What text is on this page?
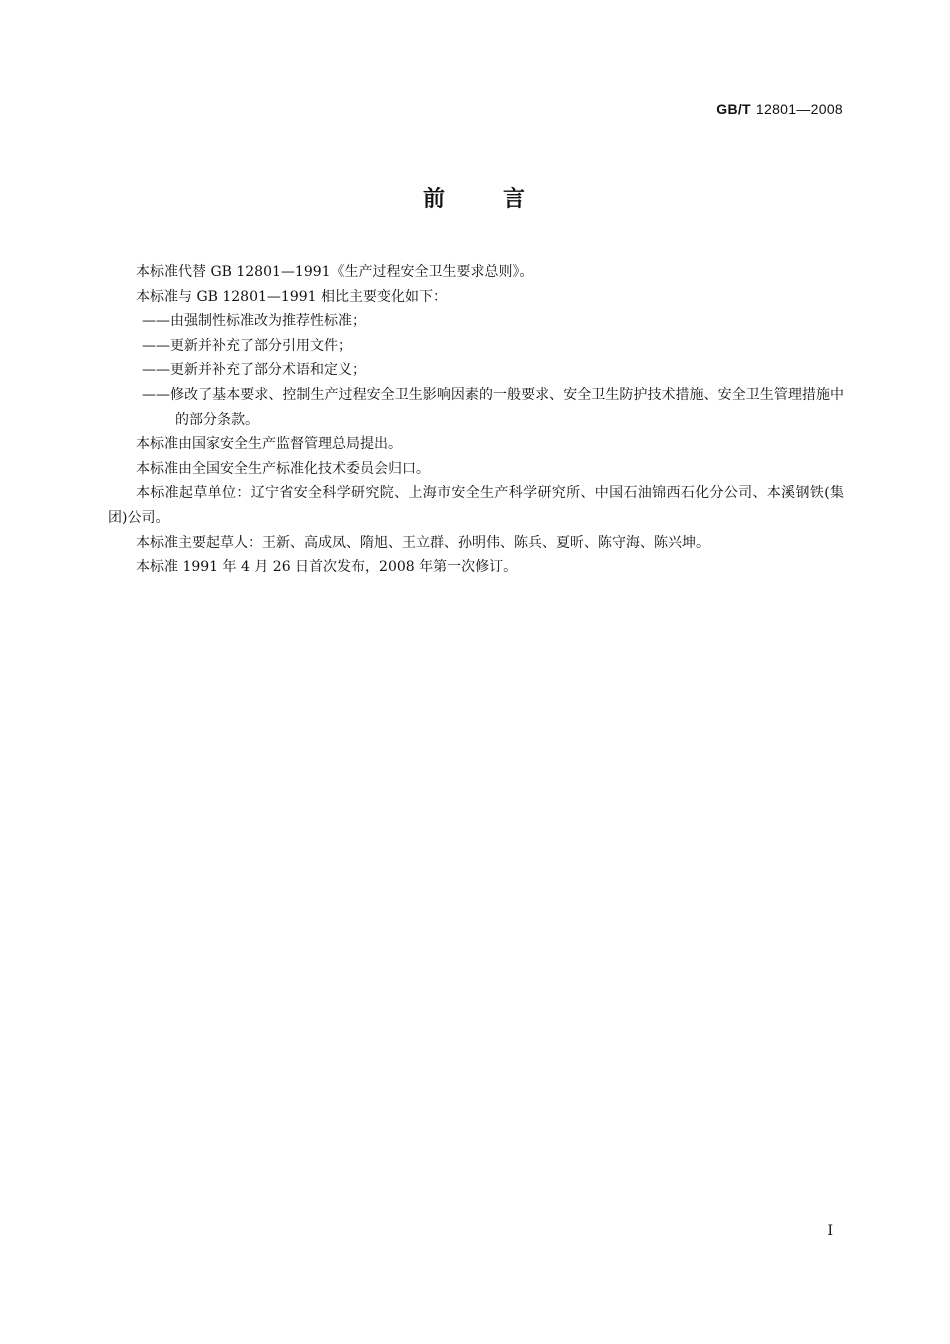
GB/T 12801—2008
前	言

本标准代替 GB 12801—1991《生产过程安全卫生要求总则》。

本标准与 GB 12801—1991 相比主要变化如下：

——由强制性标准改为推荐性标准；

——更新并补充了部分引用文件；

——更新并补充了部分术语和定义；

——修改了基本要求、控制生产过程安全卫生影响因素的一般要求、安全卫生防护技术措施、安全卫生管理措施中的部分条款。

本标准由国家安全生产监督管理总局提出。

本标准由全国安全生产标准化技术委员会归口。

本标准起草单位：辽宁省安全科学研究院、上海市安全生产科学研究所、中国石油锦西石化分公司、本溪钢铁(集团)公司。

本标准主要起草人：王新、高成凤、隋旭、王立群、孙明伟、陈兵、夏昕、陈守海、陈兴坤。

本标准 1991 年 4 月 26 日首次发布，2008 年第一次修订。

Ⅰ
